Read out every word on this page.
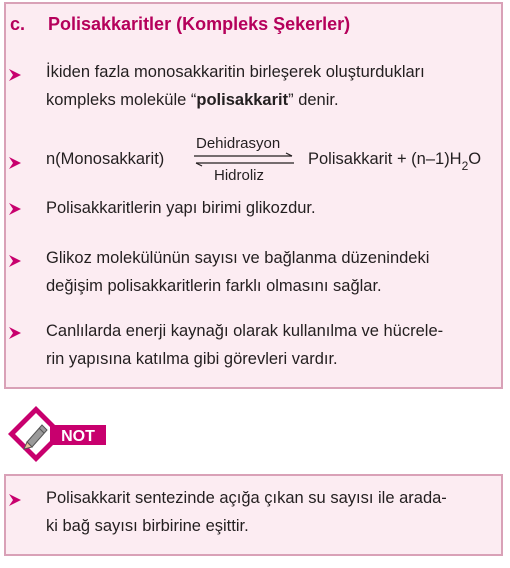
c. Polisakkaritler (Kompleks Şekerler)
İkiden fazla monosakkaritin birleşerek oluşturdukları
kompleks moleküle “polisakkarit” denir.
n(Monosakkarit)
Dehidrasyon
Hidroliz
Polisakkarit + $(n-1)H_2O$
Polisakkaritlerin yapı birimi glikozdur.
Glikoz molekülünün sayısı ve bağlanma düzenindeki
değişim polisakkaritlerin farklı olmasını sağlar.
Canlılarda enerji kaynağı olarak kullanılma ve hücrele-
rin yapısına katılma gibi görevleri vardır.
NOT
Polisakkarit sentezinde açığa çıkan su sayısı ile arada-
ki bağ sayısı birbirine eşittir.
